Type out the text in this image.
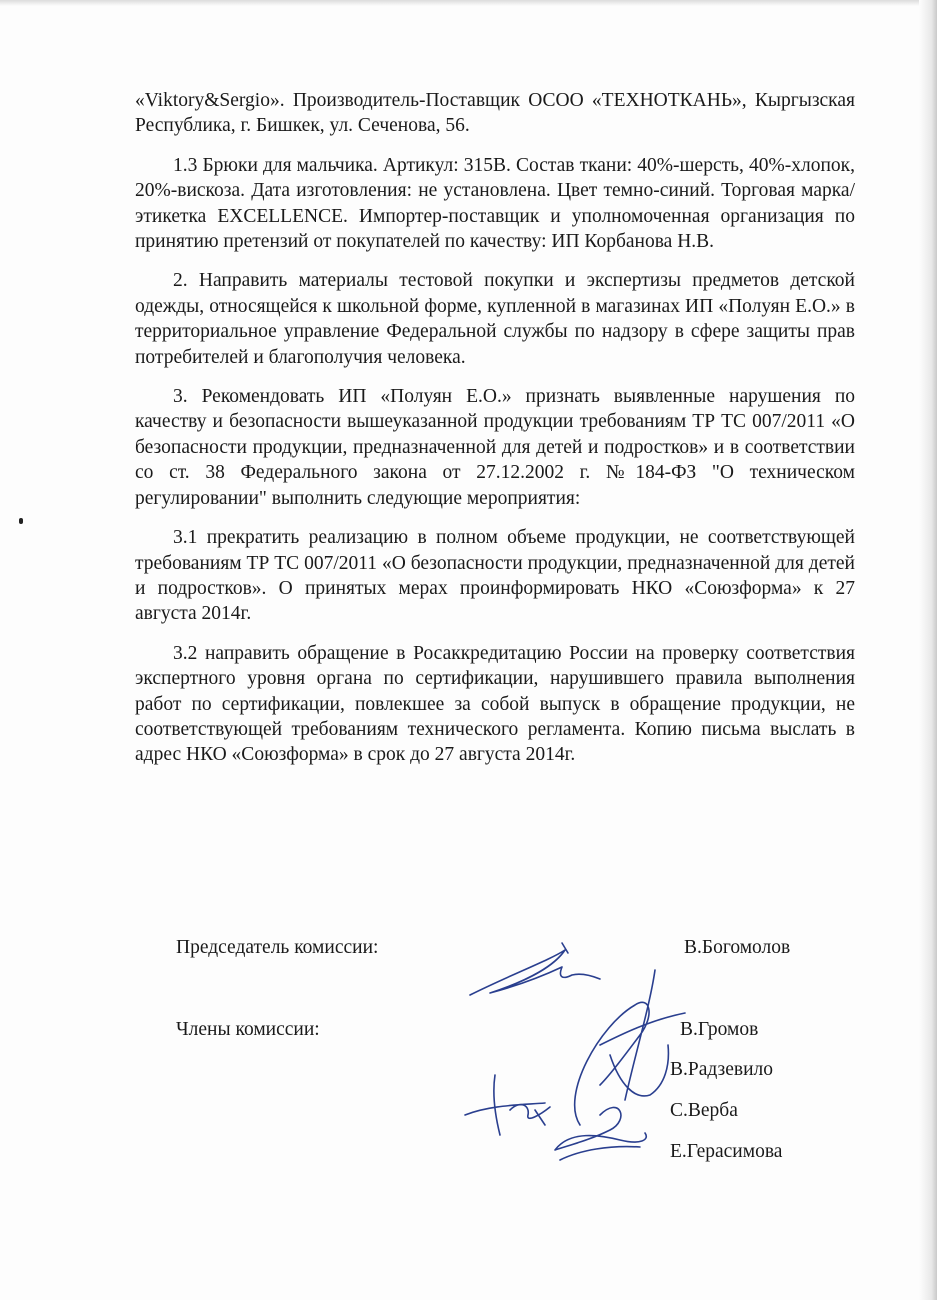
«Viktory&Sergio». Производитель-Поставщик ОСОО «ТЕХНОТКАНЬ», Кыргызская Республика, г. Бишкек, ул. Сеченова, 56.

1.3 Брюки для мальчика. Артикул: 315В. Состав ткани: 40%-шерсть, 40%-хлопок, 20%-вискоза. Дата изготовления: не установлена. Цвет темно-синий. Торговая марка/этикетка EXCELLENCE. Импортер-поставщик и уполномоченная организация по принятию претензий от покупателей по качеству: ИП Корбанова Н.В.

2. Направить материалы тестовой покупки и экспертизы предметов детской одежды, относящейся к школьной форме, купленной в магазинах ИП «Полуян Е.О.» в территориальное управление Федеральной службы по надзору в сфере защиты прав потребителей и благополучия человека.

3. Рекомендовать ИП «Полуян Е.О.» признать выявленные нарушения по качеству и безопасности вышеуказанной продукции требованиям ТР ТС 007/2011 «О безопасности продукции, предназначенной для детей и подростков» и в соответствии со ст. 38 Федерального закона от 27.12.2002 г. №184-ФЗ "О техническом регулировании" выполнить следующие мероприятия:

3.1 прекратить реализацию в полном объеме продукции, не соответствующей требованиям ТР ТС 007/2011 «О безопасности продукции, предназначенной для детей и подростков». О принятых мерах проинформировать НКО «Союзформа» к 27 августа 2014г.

3.2 направить обращение в Росаккредитацию России на проверку соответствия экспертного уровня органа по сертификации, нарушившего правила выполнения работ по сертификации, повлекшее за собой выпуск в обращение продукции, не соответствующей требованиям технического регламента. Копию письма выслать в адрес НКО «Союзформа» в срок до 27 августа 2014г.

Председатель комиссии:	В.Богомолов
Члены комиссии:	В.Громов
В.Радзевило
С.Верба
Е.Герасимова
